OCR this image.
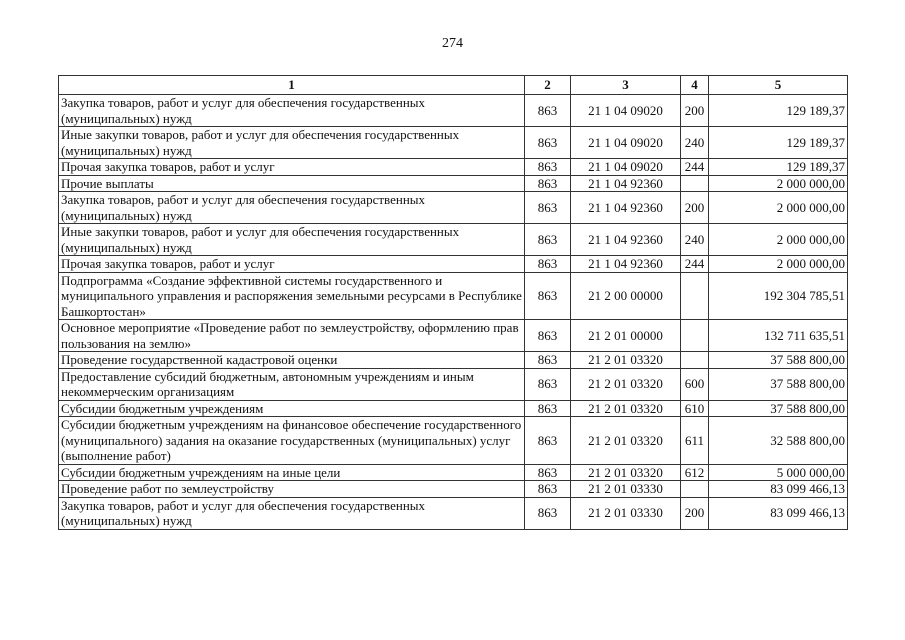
274
1	2	3	4	5
Закупка товаров, работ и услуг для обеспечения государственных (муниципальных) нужд	863	21 1 04 09020	200	129 189,37
Иные закупки товаров, работ и услуг для обеспечения государственных (муниципальных) нужд	863	21 1 04 09020	240	129 189,37
Прочая закупка товаров, работ и услуг	863	21 1 04 09020	244	129 189,37
Прочие выплаты	863	21 1 04 92360		2 000 000,00
Закупка товаров, работ и услуг для обеспечения государственных (муниципальных) нужд	863	21 1 04 92360	200	2 000 000,00
Иные закупки товаров, работ и услуг для обеспечения государственных (муниципальных) нужд	863	21 1 04 92360	240	2 000 000,00
Прочая закупка товаров, работ и услуг	863	21 1 04 92360	244	2 000 000,00
Подпрограмма «Создание эффективной системы государственного и муниципального управления и распоряжения земельными ресурсами в Республике Башкортостан»	863	21 2 00 00000		192 304 785,51
Основное мероприятие «Проведение работ по землеустройству, оформлению прав пользования на землю»	863	21 2 01 00000		132 711 635,51
Проведение государственной кадастровой оценки	863	21 2 01 03320		37 588 800,00
Предоставление субсидий бюджетным, автономным учреждениям и иным некоммерческим организациям	863	21 2 01 03320	600	37 588 800,00
Субсидии бюджетным учреждениям	863	21 2 01 03320	610	37 588 800,00
Субсидии бюджетным учреждениям на финансовое обеспечение государственного (муниципального) задания на оказание государственных (муниципальных) услуг (выполнение работ)	863	21 2 01 03320	611	32 588 800,00
Субсидии бюджетным учреждениям на иные цели	863	21 2 01 03320	612	5 000 000,00
Проведение работ по землеустройству	863	21 2 01 03330		83 099 466,13
Закупка товаров, работ и услуг для обеспечения государственных (муниципальных) нужд	863	21 2 01 03330	200	83 099 466,13
